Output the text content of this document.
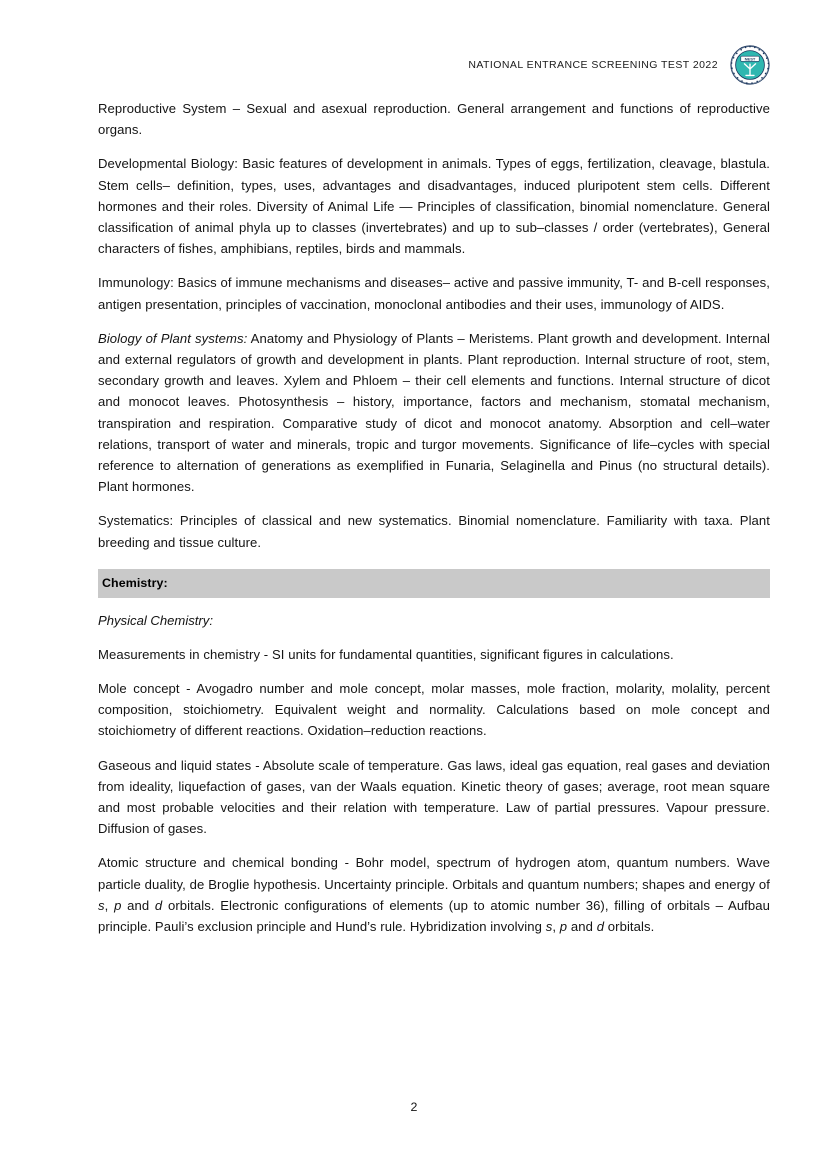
NATIONAL ENTRANCE SCREENING TEST 2022
NEST

Reproductive System – Sexual and asexual reproduction. General arrangement and functions of reproductive organs.

Developmental Biology: Basic features of development in animals. Types of eggs, fertilization, cleavage, blastula. Stem cells– definition, types, uses, advantages and disadvantages, induced pluripotent stem cells. Different hormones and their roles. Diversity of Animal Life — Principles of classification, binomial nomenclature. General classification of animal phyla up to classes (invertebrates) and up to sub–classes / order (vertebrates), General characters of fishes, amphibians, reptiles, birds and mammals.

Immunology: Basics of immune mechanisms and diseases– active and passive immunity, T- and B-cell responses, antigen presentation, principles of vaccination, monoclonal antibodies and their uses, immunology of AIDS.

Biology of Plant systems: Anatomy and Physiology of Plants – Meristems. Plant growth and development. Internal and external regulators of growth and development in plants. Plant reproduction. Internal structure of root, stem, secondary growth and leaves. Xylem and Phloem – their cell elements and functions. Internal structure of dicot and monocot leaves. Photosynthesis – history, importance, factors and mechanism, stomatal mechanism, transpiration and respiration. Comparative study of dicot and monocot anatomy. Absorption and cell–water relations, transport of water and minerals, tropic and turgor movements. Significance of life–cycles with special reference to alternation of generations as exemplified in Funaria, Selaginella and Pinus (no structural details). Plant hormones.

Systematics: Principles of classical and new systematics. Binomial nomenclature. Familiarity with taxa. Plant breeding and tissue culture.

Chemistry:
Physical Chemistry:

Measurements in chemistry - SI units for fundamental quantities, significant figures in calculations.

Mole concept - Avogadro number and mole concept, molar masses, mole fraction, molarity, molality, percent composition, stoichiometry. Equivalent weight and normality. Calculations based on mole concept and stoichiometry of different reactions. Oxidation–reduction reactions.

Gaseous and liquid states - Absolute scale of temperature. Gas laws, ideal gas equation, real gases and deviation from ideality, liquefaction of gases, van der Waals equation. Kinetic theory of gases; average, root mean square and most probable velocities and their relation with temperature. Law of partial pressures. Vapour pressure. Diffusion of gases.

Atomic structure and chemical bonding - Bohr model, spectrum of hydrogen atom, quantum numbers. Wave particle duality, de Broglie hypothesis. Uncertainty principle. Orbitals and quantum numbers; shapes and energy of s, p and d orbitals. Electronic configurations of elements (up to atomic number 36), filling of orbitals – Aufbau principle. Pauli’s exclusion principle and Hund’s rule. Hybridization involving s, p and d orbitals.

2
